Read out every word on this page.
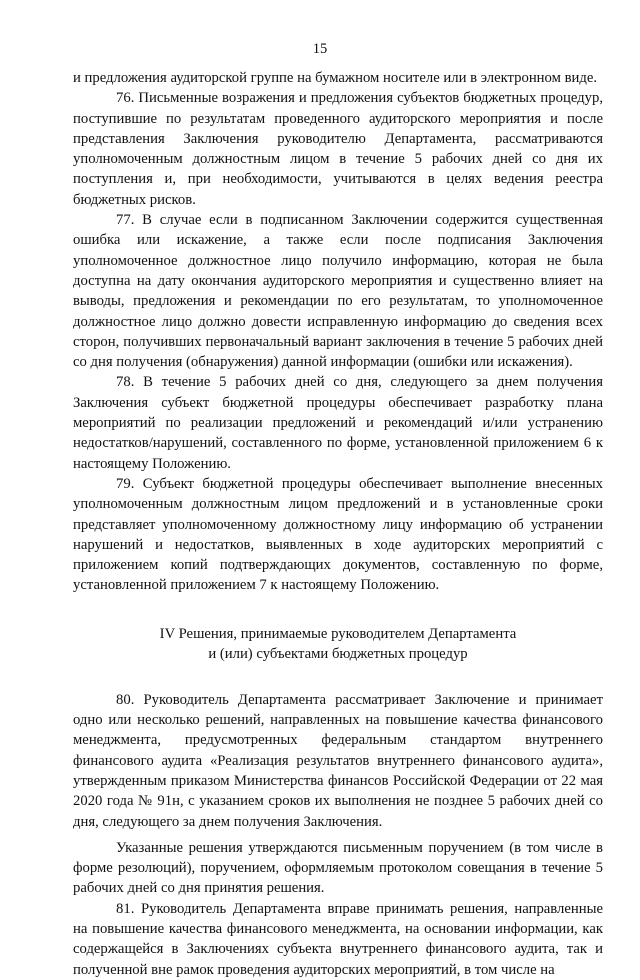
15

и предложения аудиторской группе на бумажном носителе или в электронном виде.

76. Письменные возражения и предложения субъектов бюджетных процедур, поступившие по результатам проведенного аудиторского мероприятия и после представления Заключения руководителю Департамента, рассматриваются уполномоченным должностным лицом в течение 5 рабочих дней со дня их поступления и, при необходимости, учитываются в целях ведения реестра бюджетных рисков.

77. В случае если в подписанном Заключении содержится существенная ошибка или искажение, а также если после подписания Заключения уполномоченное должностное лицо получило информацию, которая не была доступна на дату окончания аудиторского мероприятия и существенно влияет на выводы, предложения и рекомендации по его результатам, то уполномоченное должностное лицо должно довести исправленную информацию до сведения всех сторон, получивших первоначальный вариант заключения в течение 5 рабочих дней со дня получения (обнаружения) данной информации (ошибки или искажения).

78. В течение 5 рабочих дней со дня, следующего за днем получения Заключения субъект бюджетной процедуры обеспечивает разработку плана мероприятий по реализации предложений и рекомендаций и/или устранению недостатков/нарушений, составленного по форме, установленной приложением 6 к настоящему Положению.

79. Субъект бюджетной процедуры обеспечивает выполнение внесенных уполномоченным должностным лицом предложений и в установленные сроки представляет уполномоченному должностному лицу информацию об устранении нарушений и недостатков, выявленных в ходе аудиторских мероприятий с приложением копий подтверждающих документов, составленную по форме, установленной приложением 7 к настоящему Положению.

IV Решения, принимаемые руководителем Департамента
и (или) субъектами бюджетных процедур

80. Руководитель Департамента рассматривает Заключение и принимает одно или несколько решений, направленных на повышение качества финансового менеджмента, предусмотренных федеральным стандартом внутреннего финансового аудита «Реализация результатов внутреннего финансового аудита», утвержденным приказом Министерства финансов Российской Федерации от 22 мая 2020 года № 91н, с указанием сроков их выполнения не позднее 5 рабочих дней со дня, следующего за днем получения Заключения.

Указанные решения утверждаются письменным поручением (в том числе в форме резолюций), поручением, оформляемым протоколом совещания в течение 5 рабочих дней со дня принятия решения.

81. Руководитель Департамента вправе принимать решения, направленные на повышение качества финансового менеджмента, на основании информации, как содержащейся в Заключениях субъекта внутреннего финансового аудита, так и полученной вне рамок проведения аудиторских мероприятий, в том числе на
